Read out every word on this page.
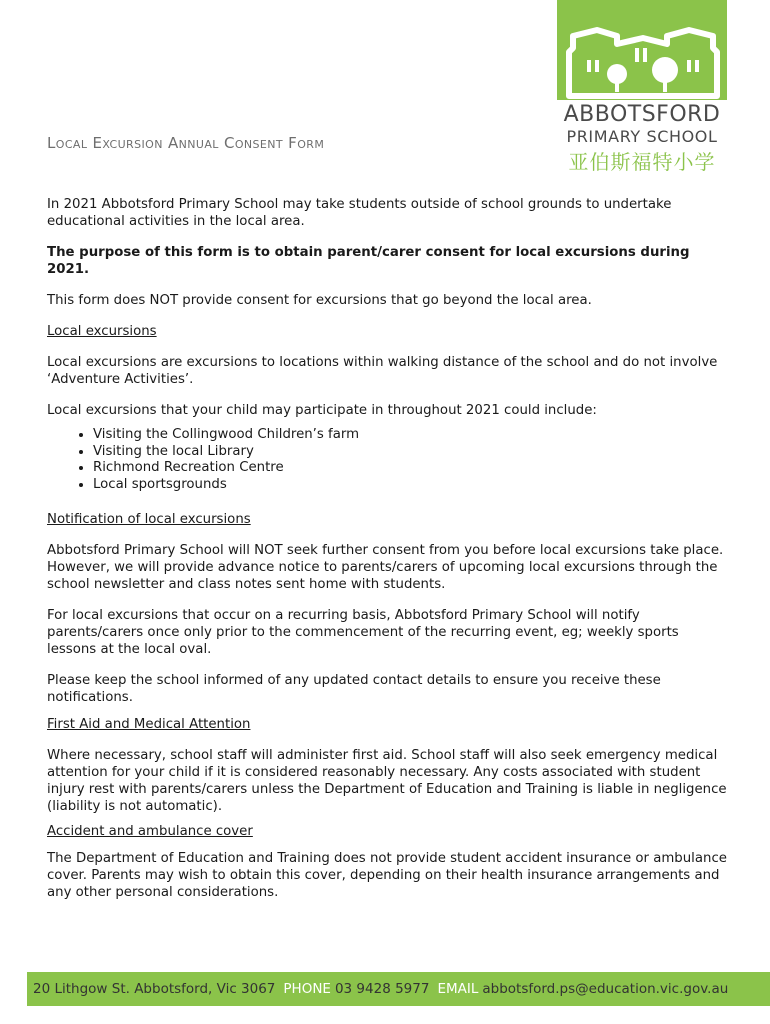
ABBOTSFORD
PRIMARY SCHOOL
亚伯斯福特小学
Local Excursion Annual Consent Form

In 2021 Abbotsford Primary School may take students outside of school grounds to undertake educational activities in the local area.

The purpose of this form is to obtain parent/carer consent for local excursions during 2021.

This form does NOT provide consent for excursions that go beyond the local area.

Local excursions

Local excursions are excursions to locations within walking distance of the school and do not involve ‘Adventure Activities’.

Local excursions that your child may participate in throughout 2021 could include:

• Visiting the Collingwood Children’s farm
• Visiting the local Library
• Richmond Recreation Centre
• Local sportsgrounds

Notification of local excursions

Abbotsford Primary School will NOT seek further consent from you before local excursions take place. However, we will provide advance notice to parents/carers of upcoming local excursions through the school newsletter and class notes sent home with students.

For local excursions that occur on a recurring basis, Abbotsford Primary School will notify parents/carers once only prior to the commencement of the recurring event, eg; weekly sports lessons at the local oval.

Please keep the school informed of any updated contact details to ensure you receive these notifications.

First Aid and Medical Attention

Where necessary, school staff will administer first aid. School staff will also seek emergency medical attention for your child if it is considered reasonably necessary. Any costs associated with student injury rest with parents/carers unless the Department of Education and Training is liable in negligence (liability is not automatic).

Accident and ambulance cover

The Department of Education and Training does not provide student accident insurance or ambulance cover. Parents may wish to obtain this cover, depending on their health insurance arrangements and any other personal considerations.

20 Lithgow St. Abbotsford, Vic 3067 PHONE 03 9428 5977 EMAIL abbotsford.ps@education.vic.gov.au
